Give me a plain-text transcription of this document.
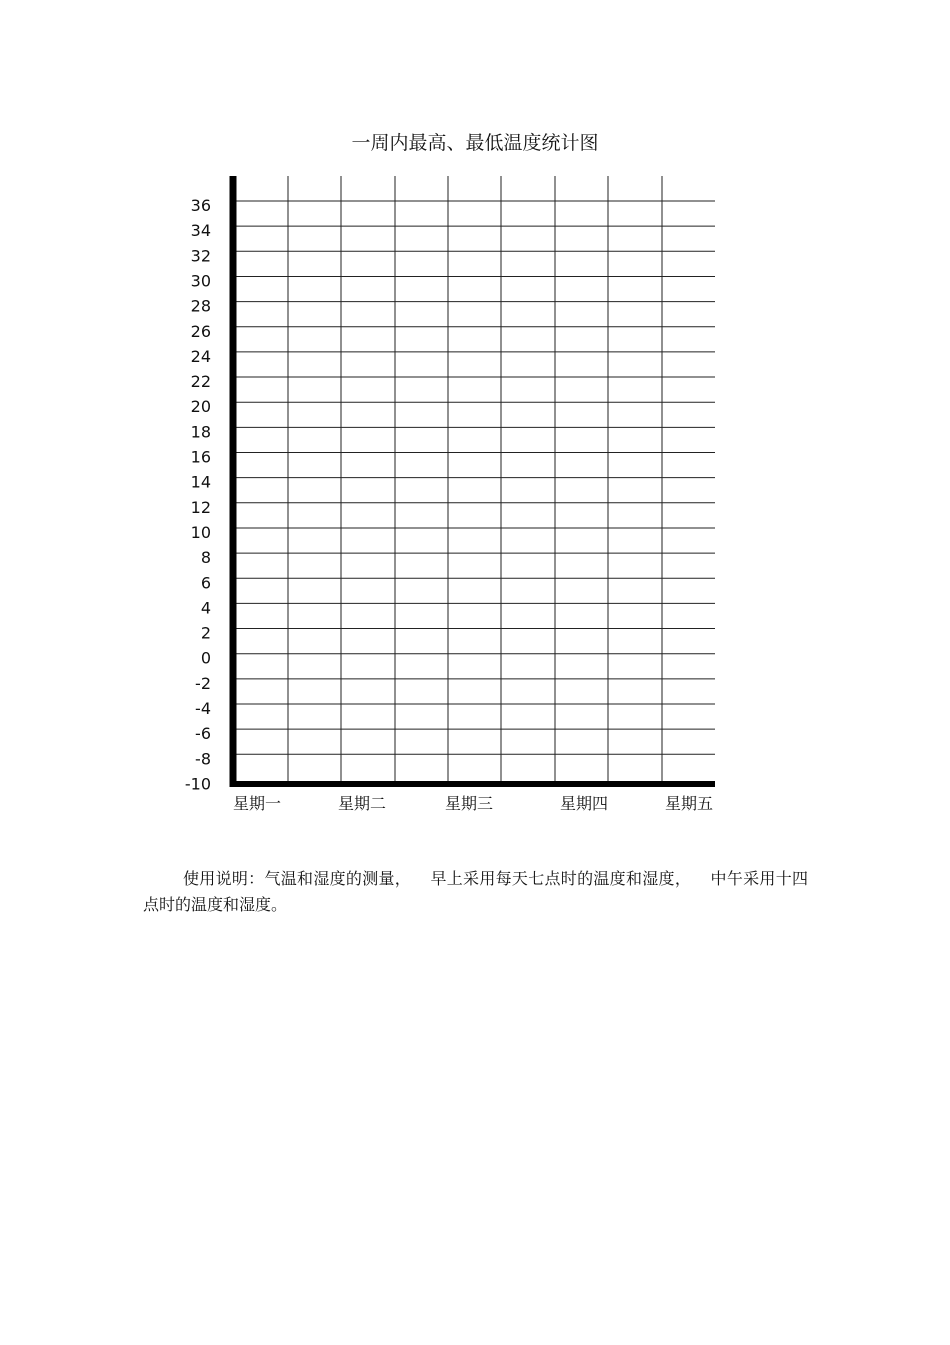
一周内最高、最低温度统计图
36
34
32
30
28
26
24
22
20
18
16
14
12
10
8
6
4
2
0
-2
-4
-6
-8
-10
星期一	星期二	星期三	星期四	星期五
使用说明：气温和湿度的测量， 早上采用每天七点时的温度和湿度， 中午采用十四点时的温度和湿度。
